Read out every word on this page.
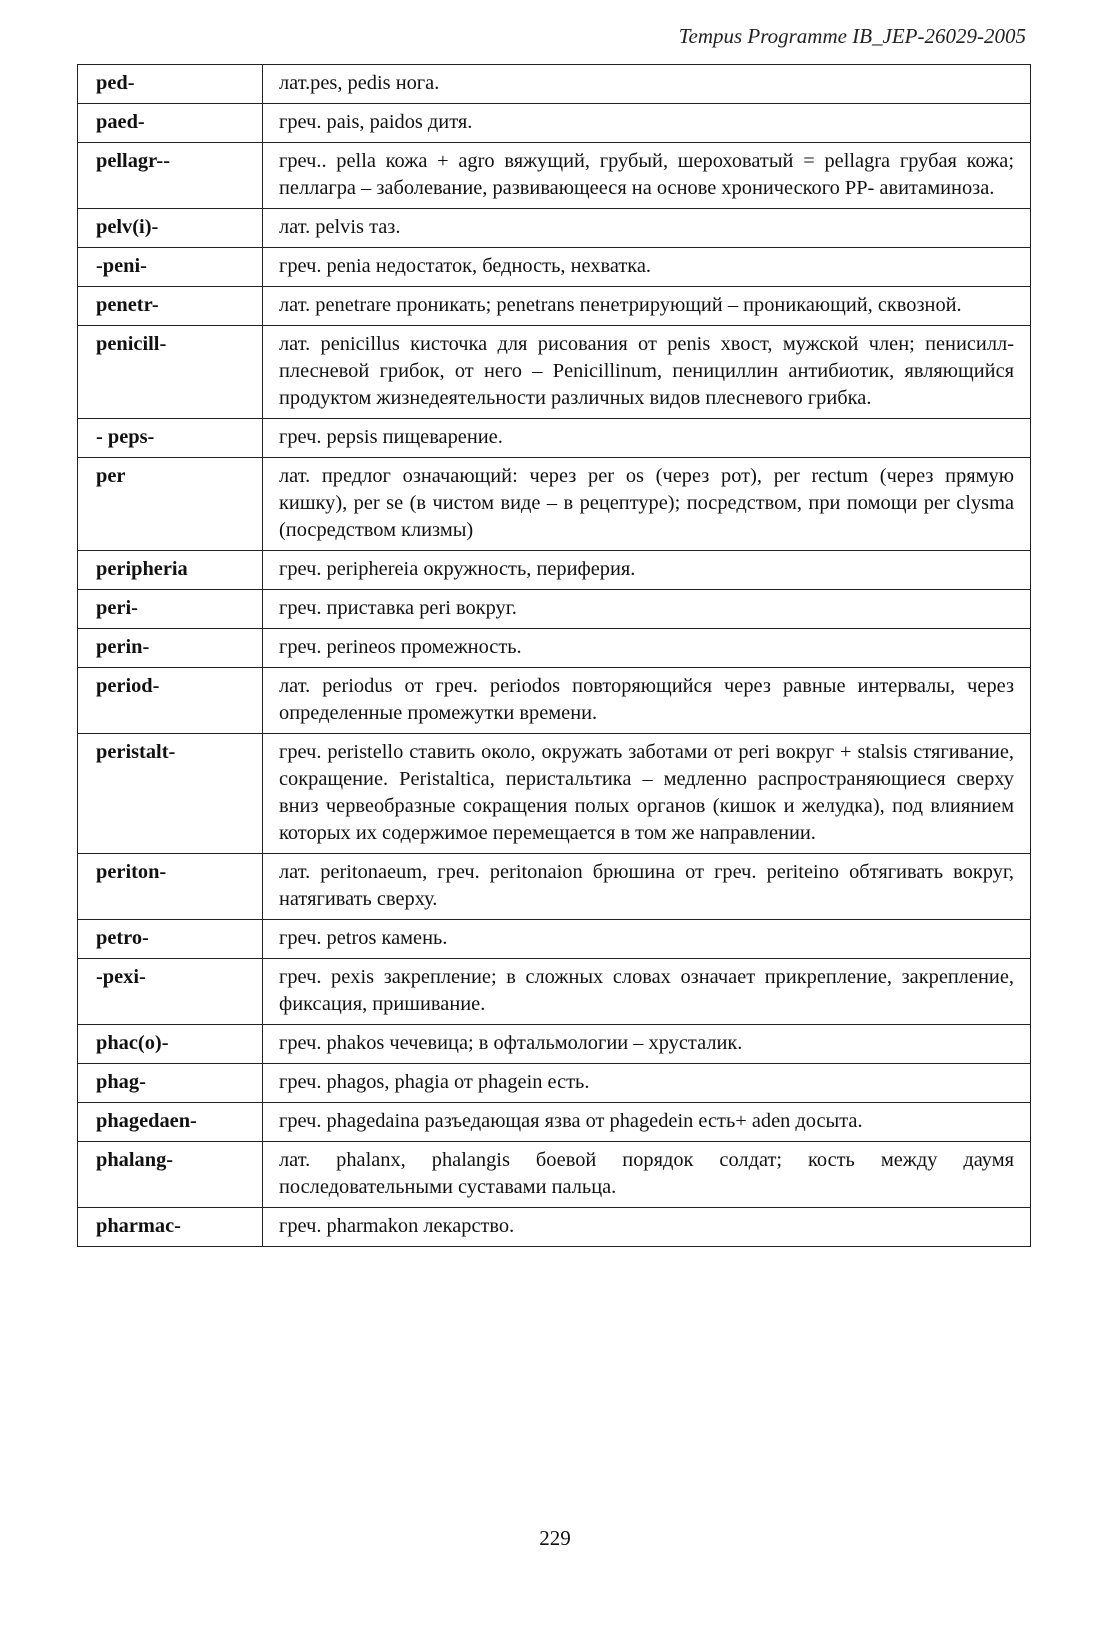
Tempus Programme IB_JEP-26029-2005
ped-	лат.pes, pedis нога.
paed-	греч. pais, paidos дитя.
pellagr--	греч.. pella кожа + agro вяжущий, грубый, шероховатый = pellagra грубая кожа; пеллагра – заболевание, развивающееся на основе хронического PP- авитаминоза.
pelv(i)-	лат. pelvis таз.
-peni-	греч. penia недостаток, бедность, нехватка.
penetr-	лат. penetrare проникать; penetrans пенетрирующий – проникающий, сквозной.
penicill-	лат. penicillus кисточка для рисования от penis хвост, мужской член; пенисилл- плесневой грибок, от него – Penicillinum, пенициллин антибиотик, являющийся продуктом жизнедеятельности различных видов плесневого грибка.
- peps-	греч. pepsis пищеварение.
per	лат. предлог означающий: через per os (через рот), per rectum (через прямую кишку), per se (в чистом виде – в рецептуре); посредством, при помощи per clysma (посредством клизмы)
peripheria	греч. periphereia окружность, периферия.
peri-	греч. приставка peri вокруг.
perin-	греч. perineos промежность.
period-	лат. periodus от греч. periodos повторяющийся через равные интервалы, через определенные промежутки времени.
peristalt-	греч. peristello ставить около, окружать заботами от peri вокруг + stalsis стягивание, сокращение. Peristaltica, перистальтика – медленно распространяющиеся сверху вниз червеобразные сокращения полых органов (кишок и желудка), под влиянием которых их содержимое перемещается в том же направлении.
periton-	лат. peritonaeum, греч. peritonaion брюшина от греч. periteino обтягивать вокруг, натягивать сверху.
petro-	греч. petros камень.
-pexi-	греч. pexis закрепление; в сложных словах означает прикрепление, закрепление, фиксация, пришивание.
phac(o)-	греч. phakos чечевица; в офтальмологии – хрусталик.
phag-	греч. phagos, phagia от phagein есть.
phagedaen-	греч. phagedaina разъедающая язва от phagedein есть+ aden досыта.
phalang-	лат. phalanx, phalangis боевой порядок солдат; кость между даумя последовательными суставами пальца.
pharmac-	греч. pharmakon лекарство.
229
